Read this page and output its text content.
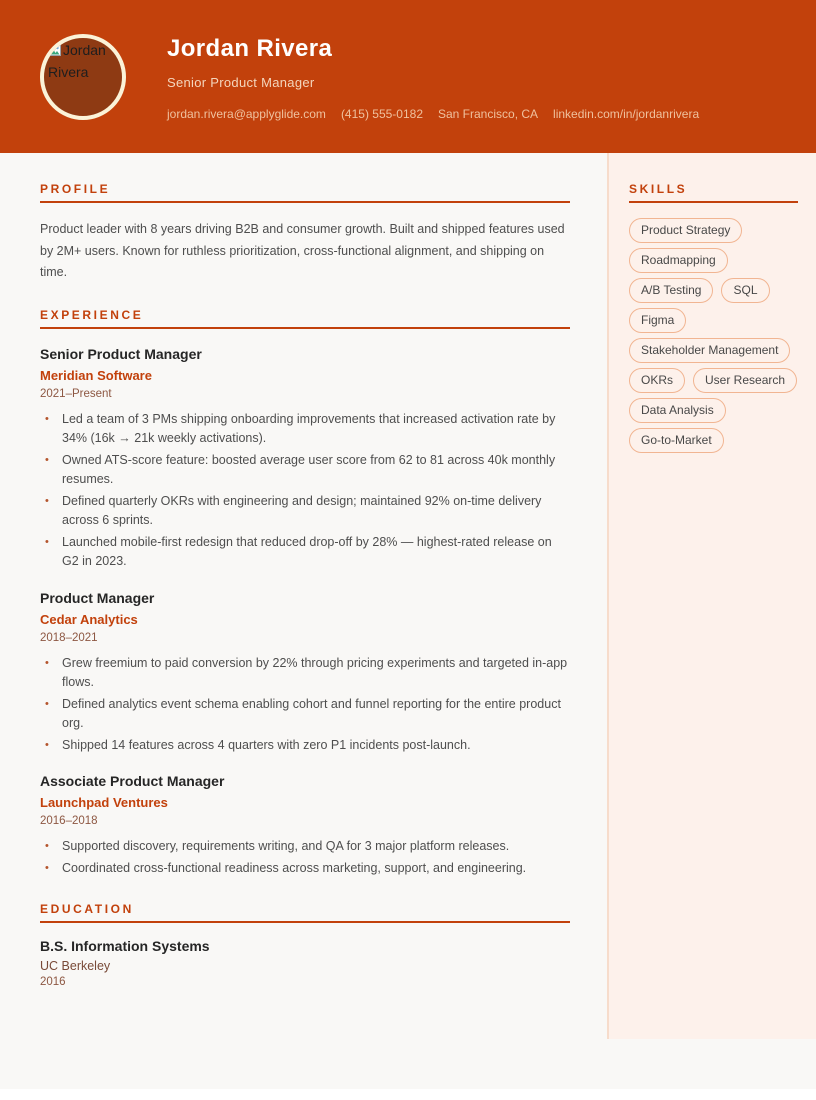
Jordan Rivera
Jordan Rivera
Senior Product Manager
jordan.rivera@applyglide.com (415) 555-0182 San Francisco, CA linkedin.com/in/jordanrivera
PROFILE

Product leader with 8 years driving B2B and consumer growth. Built and shipped features used by 2M+ users. Known for ruthless prioritization, cross-functional alignment, and shipping on time.

EXPERIENCE
Senior Product Manager
Meridian Software
2021–Present
• Led a team of 3 PMs shipping onboarding improvements that increased activation rate by 34% (16k → 21k weekly activations).
• Owned ATS-score feature: boosted average user score from 62 to 81 across 40k monthly resumes.
• Defined quarterly OKRs with engineering and design; maintained 92% on-time delivery across 6 sprints.
• Launched mobile-first redesign that reduced drop-off by 28% — highest-rated release on G2 in 2023.
Product Manager
Cedar Analytics
2018–2021
• Grew freemium to paid conversion by 22% through pricing experiments and targeted in-app flows.
• Defined analytics event schema enabling cohort and funnel reporting for the entire product org.
• Shipped 14 features across 4 quarters with zero P1 incidents post-launch.
Associate Product Manager
Launchpad Ventures
2016–2018
• Supported discovery, requirements writing, and QA for 3 major platform releases.
• Coordinated cross-functional readiness across marketing, support, and engineering.
EDUCATION
B.S. Information Systems
UC Berkeley
2016
SKILLS
Product Strategy
Roadmapping
A/B Testing	SQL
Figma
Stakeholder Management
OKRs	User Research
Data Analysis
Go-to-Market
